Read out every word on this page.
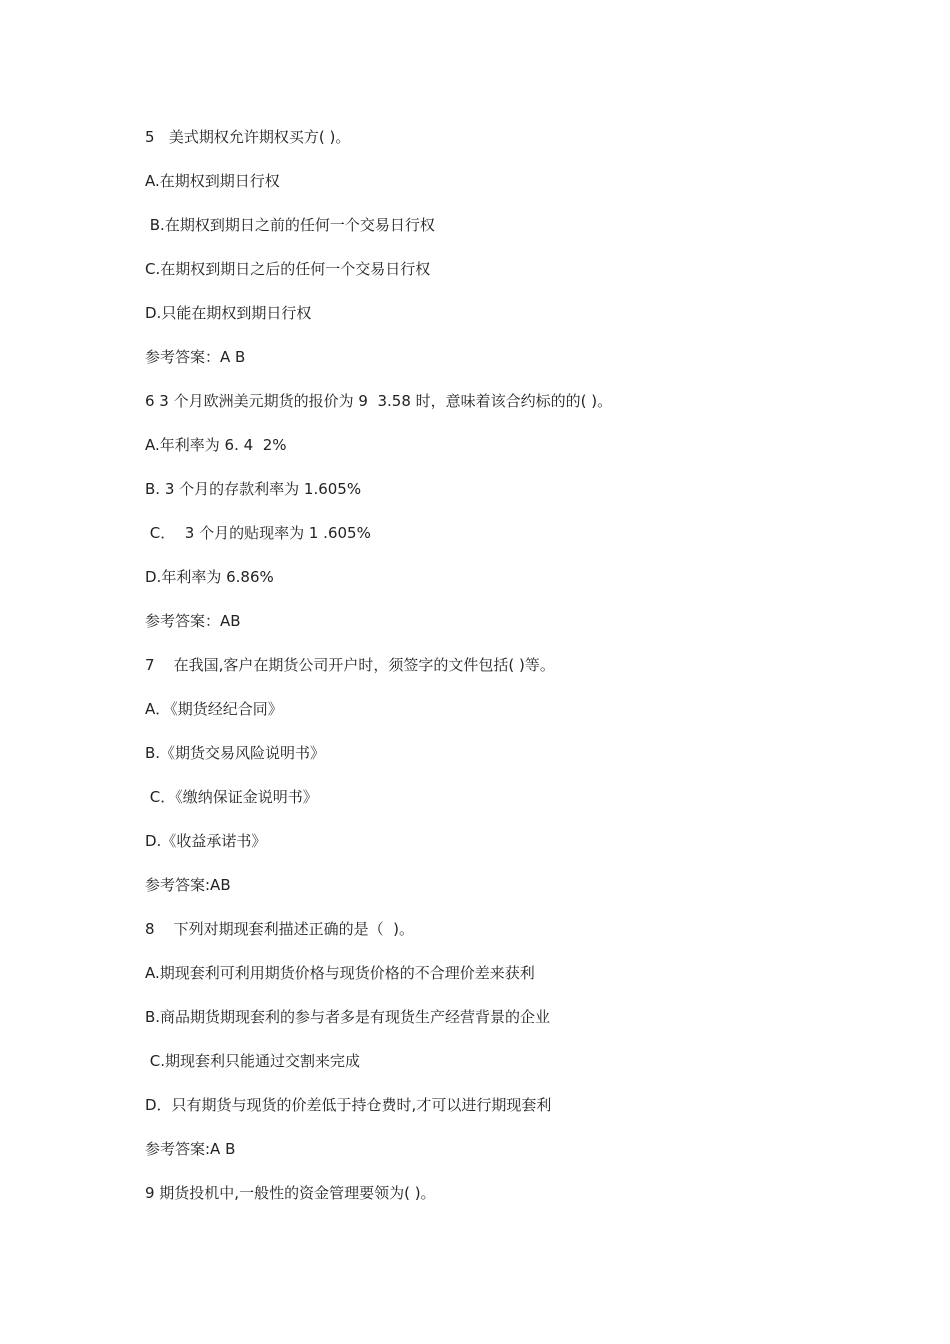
5   美式期权允许期权买方( )。
A.在期权到期日行权
B.在期权到期日之前的任何一个交易日行权
C.在期权到期日之后的任何一个交易日行权
D.只能在期权到期日行权
参考答案：A B
6 3 个月欧洲美元期货的报价为 9  3.58 时，意味着该合约标的的( )。
A.年利率为 6. 4  2%
B. 3 个月的存款利率为 1.605%
C．  3 个月的贴现率为 1 .605%
D.年利率为 6.86%
参考答案：AB
7    在我国,客户在期货公司开户时，须签字的文件包括( )等。
A．《期货经纪合同》
B.《期货交易风险说明书》
C．《缴纳保证金说明书》
D.《收益承诺书》
参考答案:AB
8    下列对期现套利描述正确的是（  )。
A.期现套利可利用期货价格与现货价格的不合理价差来获利
B.商品期货期现套利的参与者多是有现货生产经营背景的企业
C.期现套利只能通过交割来完成
D．只有期货与现货的价差低于持仓费时,才可以进行期现套利
参考答案:A B
9 期货投机中,一般性的资金管理要领为( )。
